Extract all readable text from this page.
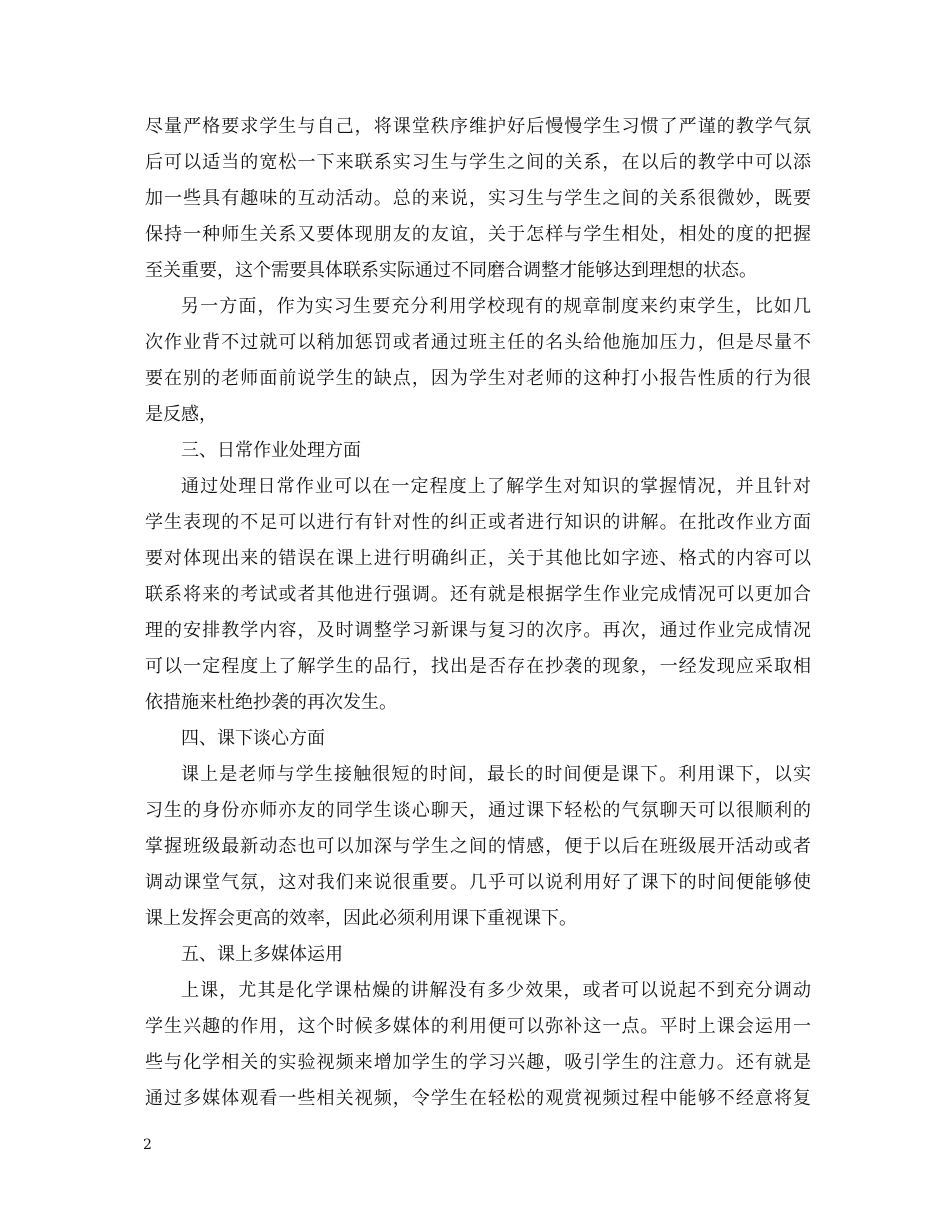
尽量严格要求学生与自己，将课堂秩序维护好后慢慢学生习惯了严谨的教学气氛
后可以适当的宽松一下来联系实习生与学生之间的关系，在以后的教学中可以添
加一些具有趣味的互动活动。总的来说，实习生与学生之间的关系很微妙，既要
保持一种师生关系又要体现朋友的友谊，关于怎样与学生相处，相处的度的把握
至关重要，这个需要具体联系实际通过不同磨合调整才能够达到理想的状态。
另一方面，作为实习生要充分利用学校现有的规章制度来约束学生，比如几
次作业背不过就可以稍加惩罚或者通过班主任的名头给他施加压力，但是尽量不
要在别的老师面前说学生的缺点，因为学生对老师的这种打小报告性质的行为很
是反感，
三、日常作业处理方面
通过处理日常作业可以在一定程度上了解学生对知识的掌握情况，并且针对
学生表现的不足可以进行有针对性的纠正或者进行知识的讲解。在批改作业方面
要对体现出来的错误在课上进行明确纠正，关于其他比如字迹、格式的内容可以
联系将来的考试或者其他进行强调。还有就是根据学生作业完成情况可以更加合
理的安排教学内容，及时调整学习新课与复习的次序。再次，通过作业完成情况
可以一定程度上了解学生的品行，找出是否存在抄袭的现象，一经发现应采取相
依措施来杜绝抄袭的再次发生。
四、课下谈心方面
课上是老师与学生接触很短的时间，最长的时间便是课下。利用课下，以实
习生的身份亦师亦友的同学生谈心聊天，通过课下轻松的气氛聊天可以很顺利的
掌握班级最新动态也可以加深与学生之间的情感，便于以后在班级展开活动或者
调动课堂气氛，这对我们来说很重要。几乎可以说利用好了课下的时间便能够使
课上发挥会更高的效率，因此必须利用课下重视课下。
五、课上多媒体运用
上课，尤其是化学课枯燥的讲解没有多少效果，或者可以说起不到充分调动
学生兴趣的作用，这个时候多媒体的利用便可以弥补这一点。平时上课会运用一
些与化学相关的实验视频来增加学生的学习兴趣，吸引学生的注意力。还有就是
通过多媒体观看一些相关视频，令学生在轻松的观赏视频过程中能够不经意将复
2
